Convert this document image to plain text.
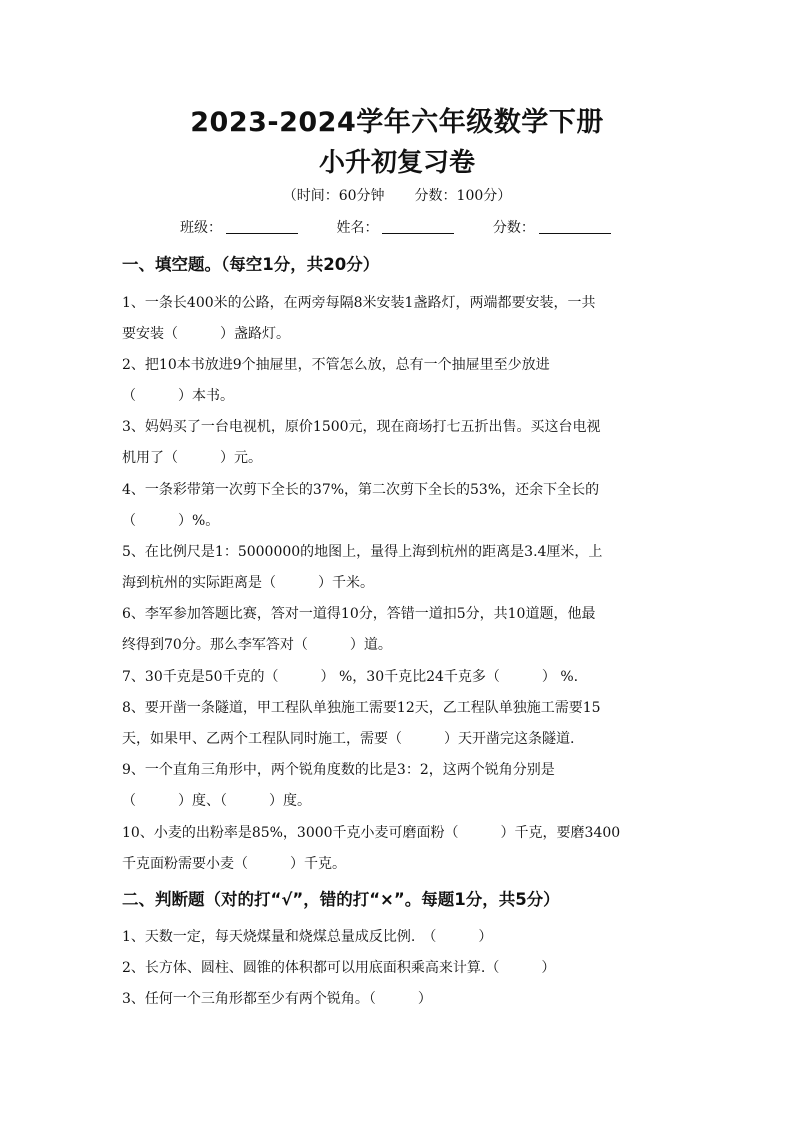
2023-2024学年六年级数学下册
小升初复习卷
（时间：60分钟 分数：100分）
班级：	姓名：	分数：
一、填空题。（每空1分，共20分）
1、一条长400米的公路，在两旁每隔8米安装1盏路灯，两端都要安装，一共
要安装（　　　）盏路灯。
2、把10本书放进9个抽屉里，不管怎么放，总有一个抽屉里至少放进
（　　　）本书。
3、妈妈买了一台电视机，原价1500元，现在商场打七五折出售。买这台电视
机用了（　　　）元。
4、一条彩带第一次剪下全长的37%，第二次剪下全长的53%，还余下全长的
（　　　）%。
5、在比例尺是1：5000000的地图上，量得上海到杭州的距离是3.4厘米，上
海到杭州的实际距离是（　　　）千米。
6、李军参加答题比赛，答对一道得10分，答错一道扣5分，共10道题，他最
终得到70分。那么李军答对（　　　）道。
7、30千克是50千克的（　　　） %，30千克比24千克多（　　　） %.
8、要开凿一条隧道，甲工程队单独施工需要12天，乙工程队单独施工需要15
天，如果甲、乙两个工程队同时施工，需要（　　　）天开凿完这条隧道.
9、一个直角三角形中，两个锐角度数的比是3：2，这两个锐角分别是
（　　　）度、（　　　）度。
10、小麦的出粉率是85%，3000千克小麦可磨面粉（　　　）千克，要磨3400
千克面粉需要小麦（　　　）千克。
二、判断题（对的打“√”，错的打“×”。每题1分，共5分）
1、天数一定，每天烧煤量和烧煤总量成反比例.　（　　　）
2、长方体、圆柱、圆锥的体积都可以用底面积乘高来计算.（　　　）
3、任何一个三角形都至少有两个锐角。（　　　）
